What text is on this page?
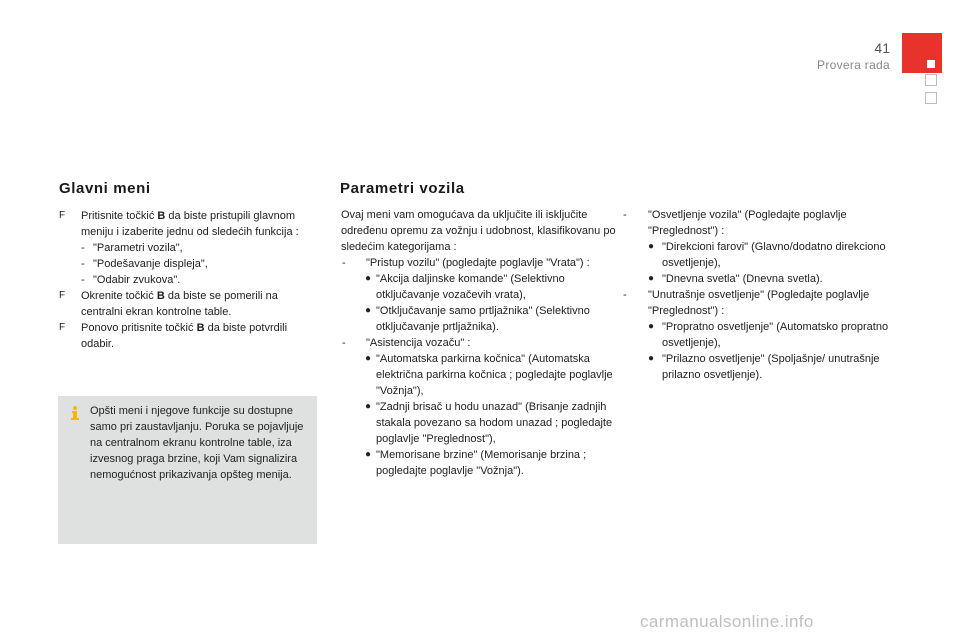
41
Provera rada
Glavni meni
F Pritisnite točkić B da biste pristupili glavnom meniju i izaberite jednu od sledećih funkcija :
- "Parametri vozila",
- "Podešavanje displeja",
- "Odabir zvukova".
F Okrenite točkić B da biste se pomerili na centralni ekran kontrolne table.
F Ponovo pritisnite točkić B da biste potvrdili odabir.
Opšti meni i njegove funkcije su dostupne samo pri zaustavljanju. Poruka se pojavljuje na centralnom ekranu kontrolne table, iza izvesnog praga brzine, koji Vam signalizira nemogućnost prikazivanja opšteg menija.
Parametri vozila
Ovaj meni vam omogućava da uključite ili isključite određenu opremu za vožnju i udobnost, klasifikovanu po sledećim kategorijama :
- "Pristup vozilu" (pogledajte poglavlje "Vrata") :
● "Akcija daljinske komande" (Selektivno otključavanje vozačevih vrata),
● "Otključavanje samo prtljažnika" (Selektivno otključavanje prtljažnika).
- "Asistencija vozaču" :
● "Automatska parkirna kočnica" (Automatska električna parkirna kočnica ; pogledajte poglavlje "Vožnja"),
● "Zadnji brisač u hodu unazad" (Brisanje zadnjih stakala povezano sa hodom unazad ; pogledajte poglavlje "Preglednost"),
● "Memorisane brzine" (Memorisanje brzina ; pogledajte poglavlje "Vožnja").
- "Osvetljenje vozila" (Pogledajte poglavlje "Preglednost") :
● "Direkcioni farovi" (Glavno/dodatno direkciono osvetljenje),
● "Dnevna svetla" (Dnevna svetla).
- "Unutrašnje osvetljenje" (Pogledajte poglavlje "Preglednost") :
● "Propratno osvetljenje" (Automatsko propratno osvetljenje),
● "Prilazno osvetljenje" (Spoljašnje/ unutrašnje prilazno osvetljenje).
carmanualsonline.info
